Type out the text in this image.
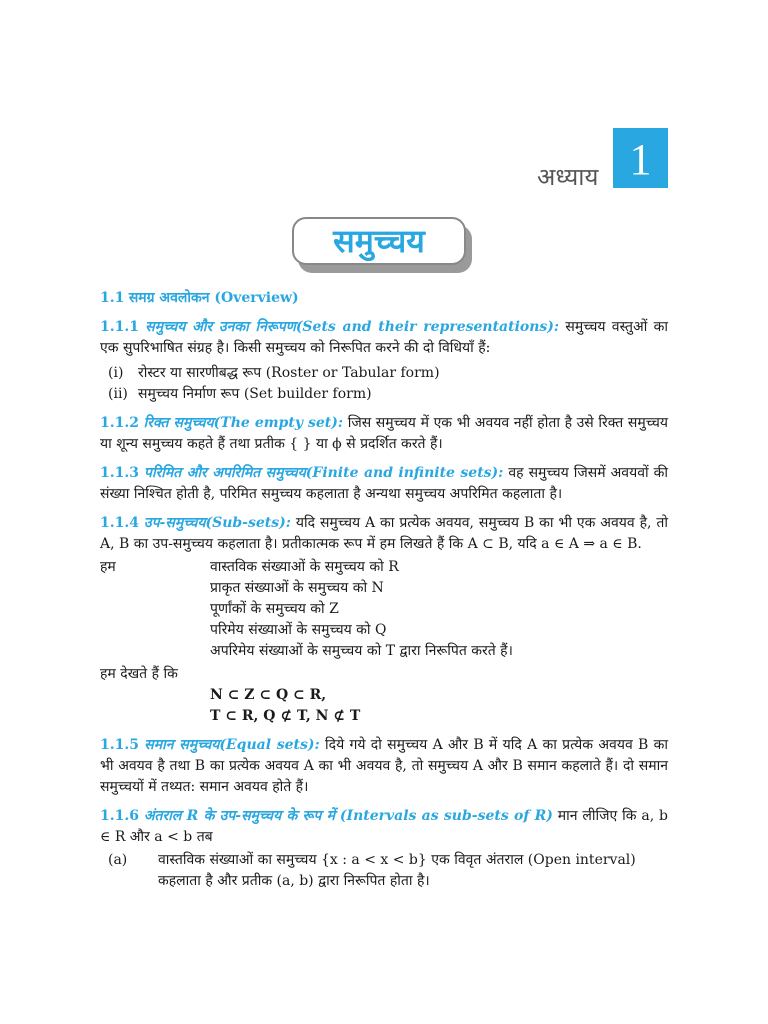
अध्याय 1
समुच्चय
1.1 समग्र अवलोकन (Overview)
1.1.1 समुच्चय और उनका निरूपण(Sets and their representations): समुच्चय वस्तुओं का एक सुपरिभाषित संग्रह है। किसी समुच्चय को निरूपित करने की दो विधियाँ हैं:
(i)	रोस्टर या सारणीबद्ध रूप (Roster or Tabular form)
(ii) समुच्चय निर्माण रूप (Set builder form)
1.1.2 रिक्त समुच्चय(The empty set): जिस समुच्चय में एक भी अवयव नहीं होता है उसे रिक्त समुच्चय या शून्य समुच्चय कहते हैं तथा प्रतीक { } या ϕ से प्रदर्शित करते हैं।
1.1.3 परिमित और अपरिमित समुच्चय(Finite and infinite sets): वह समुच्चय जिसमें अवयवों की संख्या निश्चित होती है, परिमित समुच्चय कहलाता है अन्यथा समुच्चय अपरिमित कहलाता है।
1.1.4 उप-समुच्चय(Sub-sets): यदि समुच्चय A का प्रत्येक अवयव, समुच्चय B का भी एक अवयव है, तो A, B का उप-समुच्चय कहलाता है। प्रतीकात्मक रूप में हम लिखते हैं कि A ⊂ B, यदि a ∈ A ⇒ a ∈ B.
हम	वास्तविक संख्याओं के समुच्चय को R
प्राकृत संख्याओं के समुच्चय को N
पूर्णांकों के समुच्चय को Z
परिमेय संख्याओं के समुच्चय को Q
अपरिमेय संख्याओं के समुच्चय को T द्वारा निरूपित करते हैं।
हम देखते हैं कि
N ⊂ Z ⊂ Q ⊂ R,
T ⊂ R, Q ⊄ T, N ⊄ T
1.1.5 समान समुच्चय(Equal sets): दिये गये दो समुच्चय A और B में यदि A का प्रत्येक अवयव B का भी अवयव है तथा B का प्रत्येक अवयव A का भी अवयव है, तो समुच्चय A और B समान कहलाते हैं। दो समान समुच्चयों में तथ्यत: समान अवयव होते हैं।
1.1.6 अंतराल R के उप-समुच्चय के रूप में (Intervals as sub-sets of R) मान लीजिए कि a, b ∈ R और a < b तब
(a)	वास्तविक संख्याओं का समुच्चय {x : a < x < b} एक विवृत अंतराल (Open interval) कहलाता है और प्रतीक (a, b) द्वारा निरूपित होता है।
